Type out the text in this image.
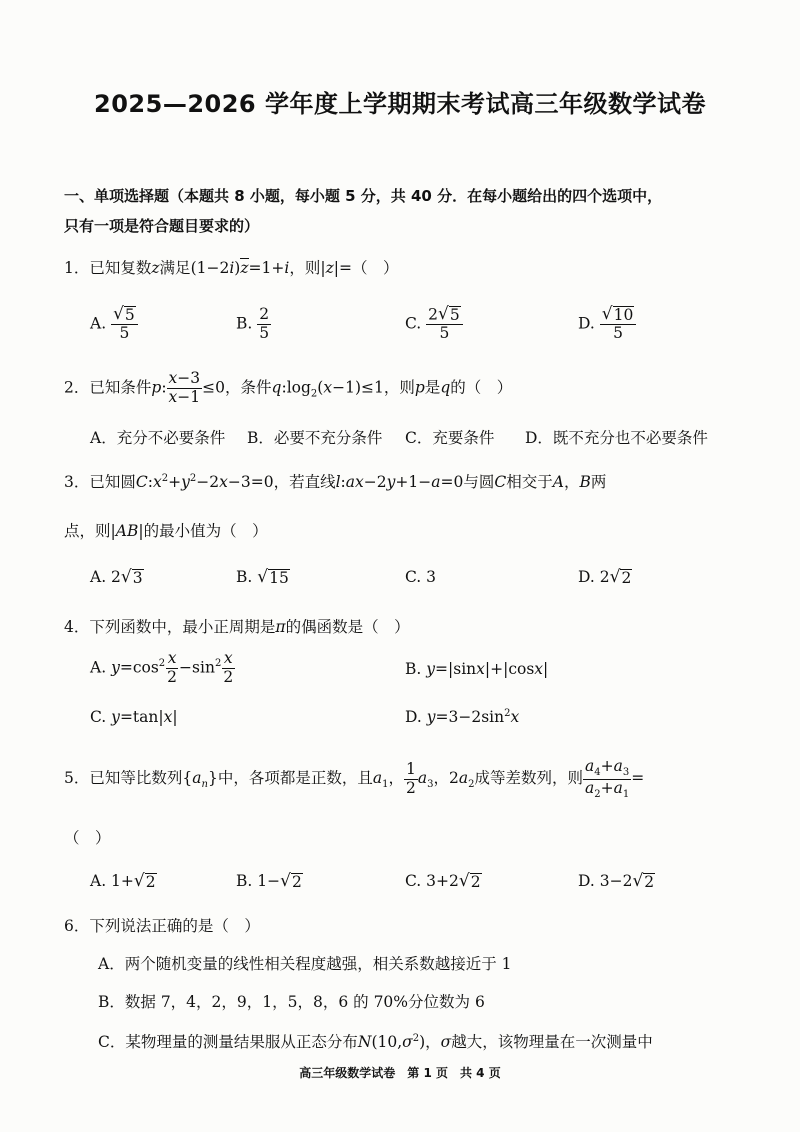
2025—2026 学年度上学期期末考试高三年级数学试卷
一、单项选择题（本题共 8 小题，每小题 5 分，共 40 分．在每小题给出的四个选项中，
只有一项是符合题目要求的）
1．已知复数z满足(1−2i)z=1+i，则|z|=（　）
A. $\frac{√ 5}{5}$	B. $\frac{2}{5}$	C. $\frac{2 √ 5}{5}$	D. $\frac{√ 10}{5}$
2．已知条件p: $\frac{x-3}{x-1} \le 0$，条件$q:\log_2(x-1)\le 1$，则p是q的（　）
A．充分不必要条件 B．必要不充分条件 C．充要条件 D．既不充分也不必要条件
3．已知圆$C:x^2+y^2-2x-3=0$，若直线l:ax−2y+1−a=0与圆C相交于A，B两
点，则|AB|的最小值为（　）
A. 2 √ 3	B. √ 15	C. 3	D. 2 √ 2
4．下列函数中，最小正周期是π的偶函数是（　）
A. $y=\cos^2 \frac{x}{2} -\sin^2 \frac{x}{2}$	B. y=|sinx|+|cosx|
C. y=tan|x|	D. $y=3-2\sin^2x$
5．已知等比数列$\{a_n\}$中，各项都是正数，且$a_1$， $\frac{1}{2} a_3$，$2a_2$成等差数列，则 $\frac{a_4+a_3}{a_2+a_1}$ =
（　）
A. 1+ √ 2	B. 1− √ 2	C. 3+2 √ 2	D. 3−2 √ 2
6．下列说法正确的是（　）
A．两个随机变量的线性相关程度越强，相关系数越接近于 1
B．数据 7，4，2，9，1，5，8，6 的 70%分位数为 6
C．某物理量的测量结果服从正态分布$N(10,\sigma^2)$，σ越大，该物理量在一次测量中
高三年级数学试卷　第 1 页　共 4 页
